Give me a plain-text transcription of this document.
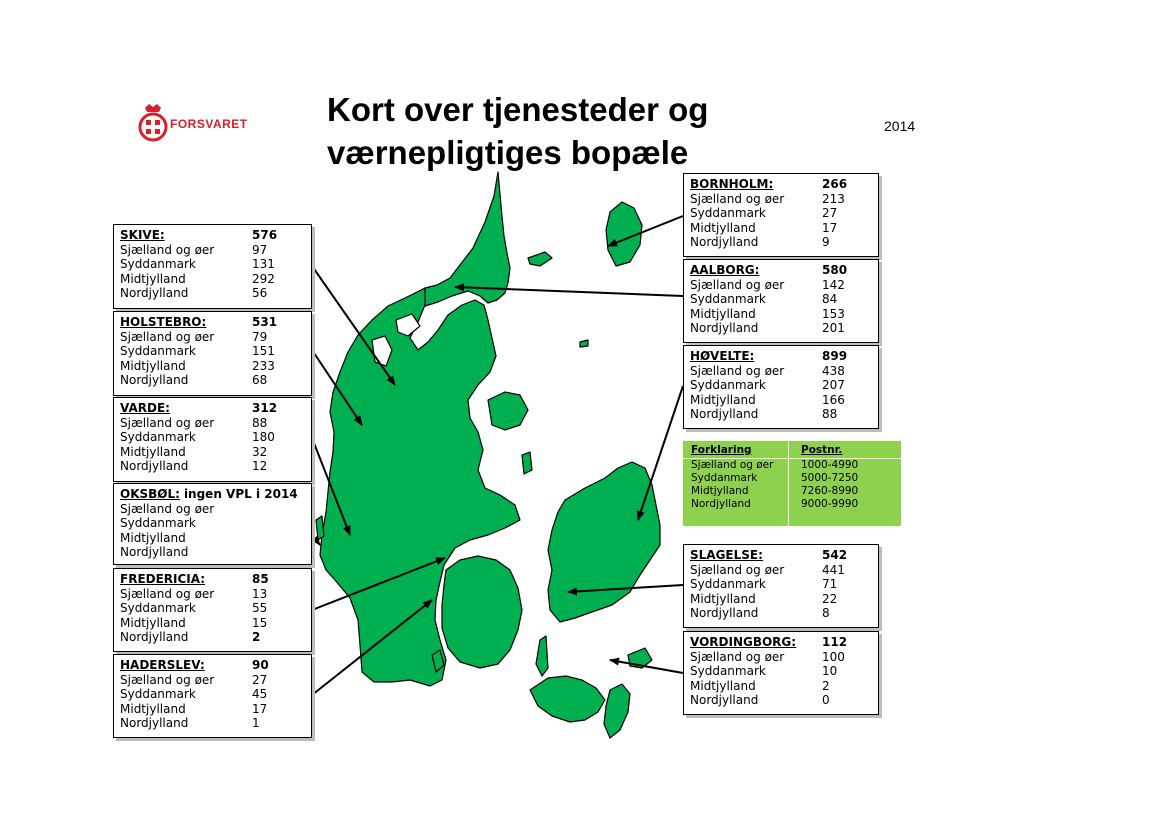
FORSVARET Kort over tjenesteder og værnepligtiges bopæle
2014
SKIVE:	576
Sjælland og øer	97
Syddanmark	131
Midtjylland	292
Nordjylland	56
HOLSTEBRO:	531
Sjælland og øer	79
Syddanmark	151
Midtjylland	233
Nordjylland	68
VARDE:	312
Sjælland og øer	88
Syddanmark	180
Midtjylland	32
Nordjylland	12
OKSBØL: ingen VPL i 2014
Sjælland og øer
Syddanmark
Midtjylland
Nordjylland
FREDERICIA:	85
Sjælland og øer	13
Syddanmark	55
Midtjylland	15
Nordjylland	2
HADERSLEV:	90
Sjælland og øer	27
Syddanmark	45
Midtjylland	17
Nordjylland	1
BORNHOLM:	266
Sjælland og øer	213
Syddanmark	27
Midtjylland	17
Nordjylland	9
AALBORG:	580
Sjælland og øer	142
Syddanmark	84
Midtjylland	153
Nordjylland	201
HØVELTE:	899
Sjælland og øer	438
Syddanmark	207
Midtjylland	166
Nordjylland	88
Forklaring	Postnr.
Sjælland og øer	1000-4990
Syddanmark	5000-7250
Midtjylland	7260-8990
Nordjylland	9000-9990
SLAGELSE:	542
Sjælland og øer	441
Syddanmark	71
Midtjylland	22
Nordjylland	8
VORDINGBORG:	112
Sjælland og øer	100
Syddanmark	10
Midtjylland	2
Nordjylland	0
